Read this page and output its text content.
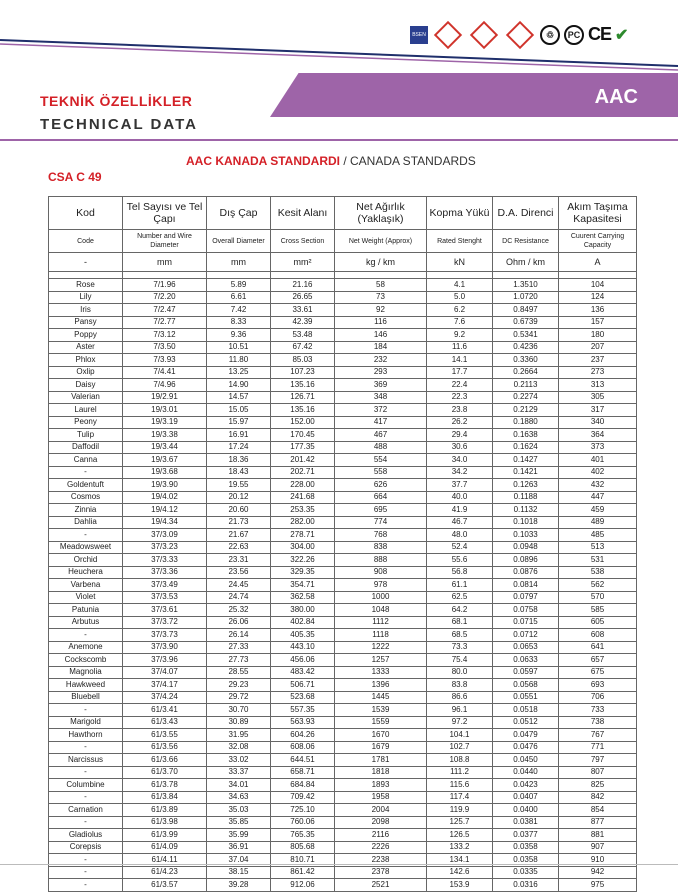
BSEN	♲	PC CE ✔
AAC
TEKNİK ÖZELLİKLER
TECHNICAL DATA
AAC KANADA STANDARDI / CANADA STANDARDS
CSA C 49
Kod	Tel Sayısı ve Tel Çapı	Dış Çap	Kesit Alanı	Net Ağırlık (Yaklaşık)	Kopma Yükü	D.A. Direnci	Akım Taşıma Kapasitesi
Code	Number and Wire Diameter	Overall Diameter	Cross Section	Net Weight (Approx)	Rated Stenght	DC Resistance	Cuurent Carrying Capacity
-	mm	mm	mm²	kg / km	kN	Ohm / km	A

Rose	7/1.96	5.89	21.16	58	4.1	1.3510	104
Lily	7/2.20	6.61	26.65	73	5.0	1.0720	124
Iris	7/2.47	7.42	33.61	92	6.2	0.8497	136
Pansy	7/2.77	8.33	42.39	116	7.6	0.6739	157
Poppy	7/3.12	9.36	53.48	146	9.2	0.5341	180
Aster	7/3.50	10.51	67.42	184	11.6	0.4236	207
Phlox	7/3.93	11.80	85.03	232	14.1	0.3360	237
Oxlip	7/4.41	13.25	107.23	293	17.7	0.2664	273
Daisy	7/4.96	14.90	135.16	369	22.4	0.2113	313
Valerian	19/2.91	14.57	126.71	348	22.3	0.2274	305
Laurel	19/3.01	15.05	135.16	372	23.8	0.2129	317
Peony	19/3.19	15.97	152.00	417	26.2	0.1880	340
Tulip	19/3.38	16.91	170.45	467	29.4	0.1638	364
Daffodil	19/3.44	17.24	177.35	488	30.6	0.1624	373
Canna	19/3.67	18.36	201.42	554	34.0	0.1427	401
-	19/3.68	18.43	202.71	558	34.2	0.1421	402
Goldentuft	19/3.90	19.55	228.00	626	37.7	0.1263	432
Cosmos	19/4.02	20.12	241.68	664	40.0	0.1188	447
Zinnia	19/4.12	20.60	253.35	695	41.9	0.1132	459
Dahlia	19/4.34	21.73	282.00	774	46.7	0.1018	489
-	37/3.09	21.67	278.71	768	48.0	0.1033	485
Meadowsweet	37/3.23	22.63	304.00	838	52.4	0.0948	513
Orchid	37/3.33	23.31	322.26	888	55.6	0.0896	531
Heuchera	37/3.36	23.56	329.35	908	56.8	0.0876	538
Varbena	37/3.49	24.45	354.71	978	61.1	0.0814	562
Violet	37/3.53	24.74	362.58	1000	62.5	0.0797	570
Patunia	37/3.61	25.32	380.00	1048	64.2	0.0758	585
Arbutus	37/3.72	26.06	402.84	1112	68.1	0.0715	605
-	37/3.73	26.14	405.35	1118	68.5	0.0712	608
Anemone	37/3.90	27.33	443.10	1222	73.3	0.0653	641
Cockscomb	37/3.96	27.73	456.06	1257	75.4	0.0633	657
Magnolia	37/4.07	28.55	483.42	1333	80.0	0.0597	675
Hawkweed	37/4.17	29.23	506.71	1396	83.8	0.0568	693
Bluebell	37/4.24	29.72	523.68	1445	86.6	0.0551	706
-	61/3.41	30.70	557.35	1539	96.1	0.0518	733
Marigold	61/3.43	30.89	563.93	1559	97.2	0.0512	738
Hawthorn	61/3.55	31.95	604.26	1670	104.1	0.0479	767
-	61/3.56	32.08	608.06	1679	102.7	0.0476	771
Narcissus	61/3.66	33.02	644.51	1781	108.8	0.0450	797
-	61/3.70	33.37	658.71	1818	111.2	0.0440	807
Columbine	61/3.78	34.01	684.84	1893	115.6	0.0423	825
-	61/3.84	34.63	709.42	1958	117.4	0.0407	842
Carnation	61/3.89	35.03	725.10	2004	119.9	0.0400	854
-	61/3.98	35.85	760.06	2098	125.7	0.0381	877
Gladiolus	61/3.99	35.99	765.35	2116	126.5	0.0377	881
Corepsis	61/4.09	36.91	805.68	2226	133.2	0.0358	907
-	61/4.11	37.04	810.71	2238	134.1	0.0358	910
-	61/4.23	38.15	861.42	2378	142.6	0.0335	942
-	61/3.57	39.28	912.06	2521	153.9	0.0316	975
